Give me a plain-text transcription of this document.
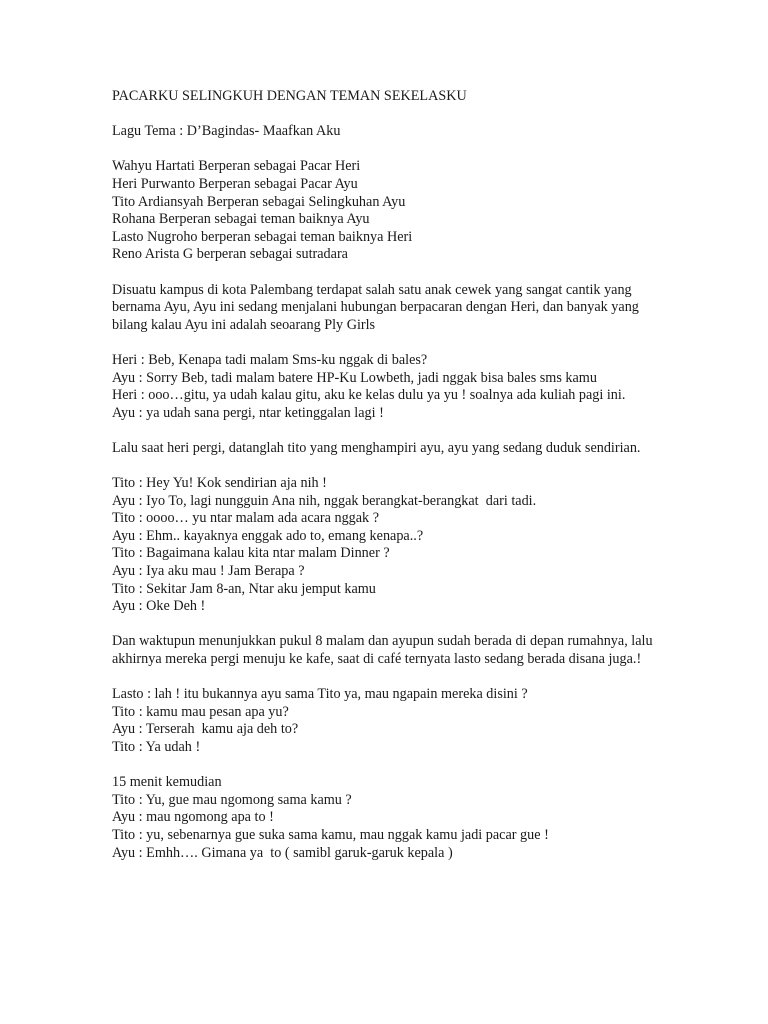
PACARKU SELINGKUH DENGAN TEMAN SEKELASKU
Lagu Tema : D’Bagindas- Maafkan Aku
Wahyu Hartati Berperan sebagai Pacar Heri
Heri Purwanto Berperan sebagai Pacar Ayu
Tito Ardiansyah Berperan sebagai Selingkuhan Ayu
Rohana Berperan sebagai teman baiknya Ayu
Lasto Nugroho berperan sebagai teman baiknya Heri
Reno Arista G berperan sebagai sutradara
Disuatu kampus di kota Palembang terdapat salah satu anak cewek yang sangat cantik yang bernama Ayu, Ayu ini sedang menjalani hubungan berpacaran dengan Heri, dan banyak yang bilang kalau Ayu ini adalah seoarang Ply Girls
Heri : Beb, Kenapa tadi malam Sms-ku nggak di bales?
Ayu : Sorry Beb, tadi malam batere HP-Ku Lowbeth, jadi nggak bisa bales sms kamu
Heri : ooo…gitu, ya udah kalau gitu, aku ke kelas dulu ya yu ! soalnya ada kuliah pagi ini.
Ayu : ya udah sana pergi, ntar ketinggalan lagi !
Lalu saat heri pergi, datanglah tito yang menghampiri ayu, ayu yang sedang duduk sendirian.
Tito : Hey Yu! Kok sendirian aja nih !
Ayu : Iyo To, lagi nungguin Ana nih, nggak berangkat-berangkat  dari tadi.
Tito : oooo… yu ntar malam ada acara nggak ?
Ayu : Ehm.. kayaknya enggak ado to, emang kenapa..?
Tito : Bagaimana kalau kita ntar malam Dinner ?
Ayu : Iya aku mau ! Jam Berapa ?
Tito : Sekitar Jam 8-an, Ntar aku jemput kamu
Ayu : Oke Deh !
Dan waktupun menunjukkan pukul 8 malam dan ayupun sudah berada di depan rumahnya, lalu akhirnya mereka pergi menuju ke kafe, saat di café ternyata lasto sedang berada disana juga.!
Lasto : lah ! itu bukannya ayu sama Tito ya, mau ngapain mereka disini ?
Tito : kamu mau pesan apa yu?
Ayu : Terserah  kamu aja deh to?
Tito : Ya udah !
15 menit kemudian
Tito : Yu, gue mau ngomong sama kamu ?
Ayu : mau ngomong apa to !
Tito : yu, sebenarnya gue suka sama kamu, mau nggak kamu jadi pacar gue !
Ayu : Emhh…. Gimana ya  to ( samibl garuk-garuk kepala )
